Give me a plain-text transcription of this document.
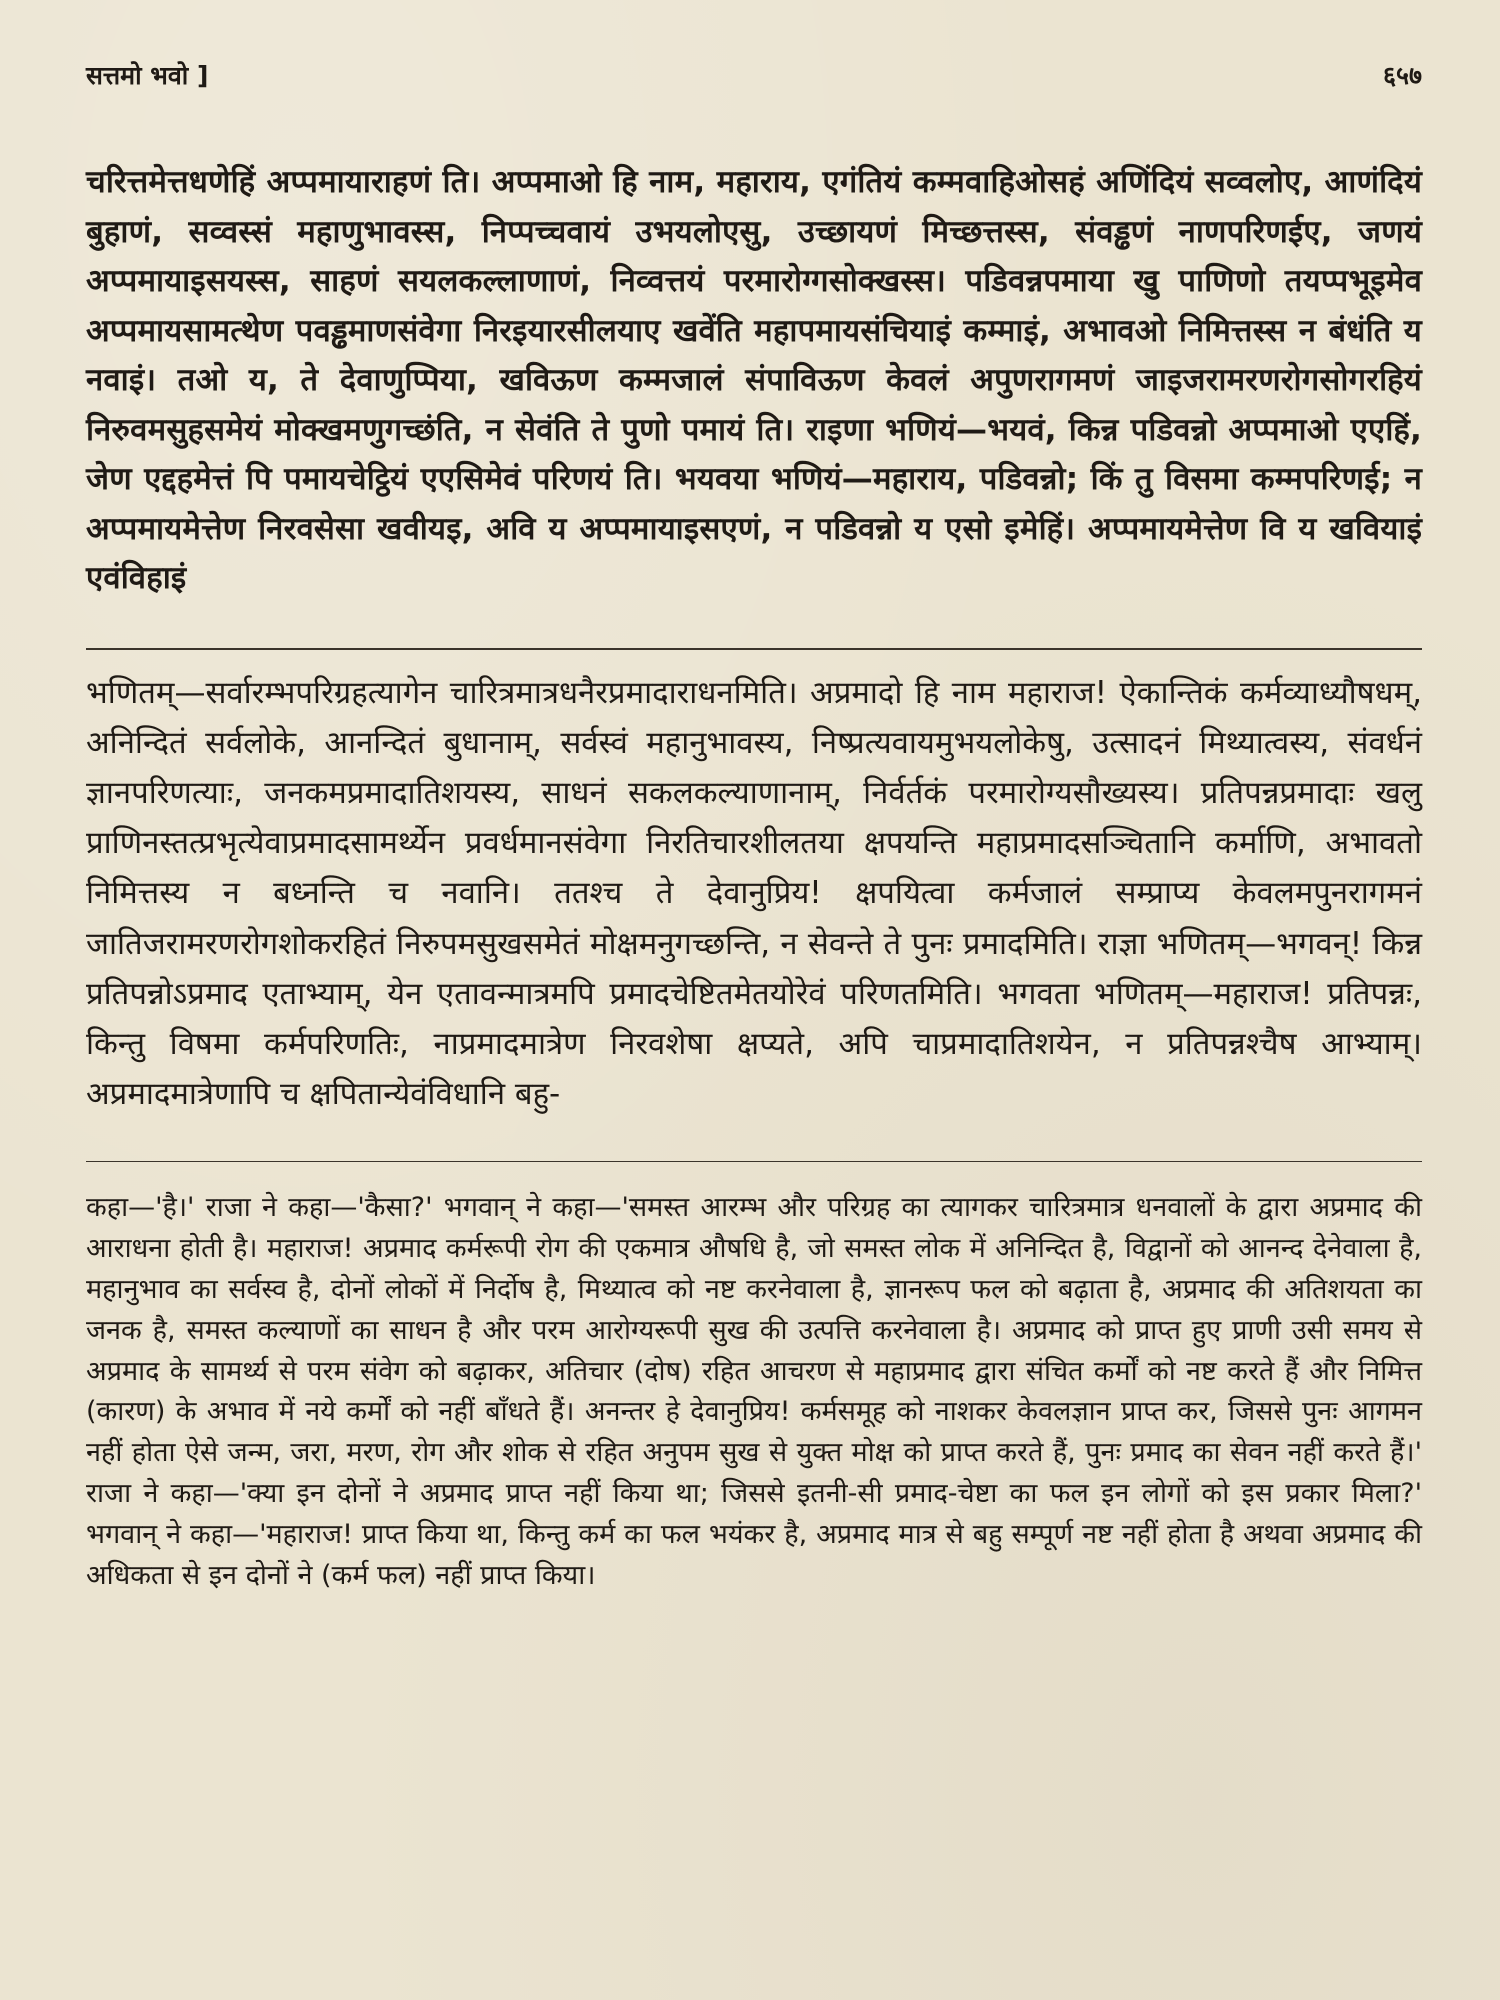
सत्तमो भवो ]	६५७

चरित्तमेत्तधणेहिं अप्पमायाराहणं ति। अप्पमाओ हि नाम, महाराय, एगंतियं कम्मवाहिओसहं अणिंदियं सव्वलोए, आणंदियं बुहाणं, सव्वस्सं महाणुभावस्स, निप्पच्चवायं उभयलोएसु, उच्छायणं मिच्छत्तस्स, संवड्ढणं नाणपरिणईए, जणयं अप्पमायाइसयस्स, साहणं सयलकल्लाणाणं, निव्वत्तयं परमारोग्गसोक्खस्स। पडिवन्नपमाया खु पाणिणो तयप्पभूइमेव अप्पमायसामत्थेण पवड्ढमाणसंवेगा निरइयारसीलयाए खवेंति महापमायसंचियाइं कम्माइं, अभावओ निमित्तस्स न बंधंति य नवाइं। तओ य, ते देवाणुप्पिया, खविऊण कम्मजालं संपाविऊण केवलं अपुणरागमणं जाइजरामरणरोगसोगरहियं निरुवमसुहसमेयं मोक्खमणुगच्छंति, न सेवंति ते पुणो पमायं ति। राइणा भणियं—भयवं, किन्न पडिवन्नो अप्पमाओ एएहिं, जेण एद्दहमेत्तं पि पमायचेट्ठियं एएसिमेवं परिणयं ति। भयवया भणियं—महाराय, पडिवन्नो; किं तु विसमा कम्मपरिणई; न अप्पमायमेत्तेण निरवसेसा खवीयइ, अवि य अप्पमायाइसएणं, न पडिवन्नो य एसो इमेहिं। अप्पमायमेत्तेण वि य खवियाइं एवंविहाइं

भणितम्—सर्वारम्भपरिग्रहत्यागेन चारित्रमात्रधनैरप्रमादाराधनमिति। अप्रमादो हि नाम महाराज! ऐकान्तिकं कर्मव्याध्यौषधम्, अनिन्दितं सर्वलोके, आनन्दितं बुधानाम्, सर्वस्वं महानुभावस्य, निष्प्रत्यवायमुभयलोकेषु, उत्सादनं मिथ्यात्वस्य, संवर्धनं ज्ञानपरिणत्याः, जनकमप्रमादातिशयस्य, साधनं सकलकल्याणानाम्, निर्वर्तकं परमारोग्यसौख्यस्य। प्रतिपन्नप्रमादाः खलु प्राणिनस्तत्प्रभृत्येवाप्रमादसामर्थ्येन प्रवर्धमानसंवेगा निरतिचारशीलतया क्षपयन्ति महाप्रमादसञ्चितानि कर्माणि, अभावतो निमित्तस्य न बध्नन्ति च नवानि। ततश्च ते देवानुप्रिय! क्षपयित्वा कर्मजालं सम्प्राप्य केवलमपुनरागमनं जातिजरामरणरोगशोकरहितं निरुपमसुखसमेतं मोक्षमनुगच्छन्ति, न सेवन्ते ते पुनः प्रमादमिति। राज्ञा भणितम्—भगवन्! किन्न प्रतिपन्नोऽप्रमाद एताभ्याम्, येन एतावन्मात्रमपि प्रमादचेष्टितमेतयोरेवं परिणतमिति। भगवता भणितम्—महाराज! प्रतिपन्नः, किन्तु विषमा कर्मपरिणतिः, नाप्रमादमात्रेण निरवशेषा क्षप्यते, अपि चाप्रमादातिशयेन, न प्रतिपन्नश्चैष आभ्याम्। अप्रमादमात्रेणापि च क्षपितान्येवंविधानि बहु-

कहा—'है।' राजा ने कहा—'कैसा?' भगवान् ने कहा—'समस्त आरम्भ और परिग्रह का त्यागकर चारित्रमात्र धनवालों के द्वारा अप्रमाद की आराधना होती है। महाराज! अप्रमाद कर्मरूपी रोग की एकमात्र औषधि है, जो समस्त लोक में अनिन्दित है, विद्वानों को आनन्द देनेवाला है, महानुभाव का सर्वस्व है, दोनों लोकों में निर्दोष है, मिथ्यात्व को नष्ट करनेवाला है, ज्ञानरूप फल को बढ़ाता है, अप्रमाद की अतिशयता का जनक है, समस्त कल्याणों का साधन है और परम आरोग्यरूपी सुख की उत्पत्ति करनेवाला है। अप्रमाद को प्राप्त हुए प्राणी उसी समय से अप्रमाद के सामर्थ्य से परम संवेग को बढ़ाकर, अतिचार (दोष) रहित आचरण से महाप्रमाद द्वारा संचित कर्मों को नष्ट करते हैं और निमित्त (कारण) के अभाव में नये कर्मों को नहीं बाँधते हैं। अनन्तर हे देवानुप्रिय! कर्मसमूह को नाशकर केवलज्ञान प्राप्त कर, जिससे पुनः आगमन नहीं होता ऐसे जन्म, जरा, मरण, रोग और शोक से रहित अनुपम सुख से युक्त मोक्ष को प्राप्त करते हैं, पुनः प्रमाद का सेवन नहीं करते हैं।' राजा ने कहा—'क्या इन दोनों ने अप्रमाद प्राप्त नहीं किया था; जिससे इतनी-सी प्रमाद-चेष्टा का फल इन लोगों को इस प्रकार मिला?' भगवान् ने कहा—'महाराज! प्राप्त किया था, किन्तु कर्म का फल भयंकर है, अप्रमाद मात्र से बहु सम्पूर्ण नष्ट नहीं होता है अथवा अप्रमाद की अधिकता से इन दोनों ने (कर्म फल) नहीं प्राप्त किया।
